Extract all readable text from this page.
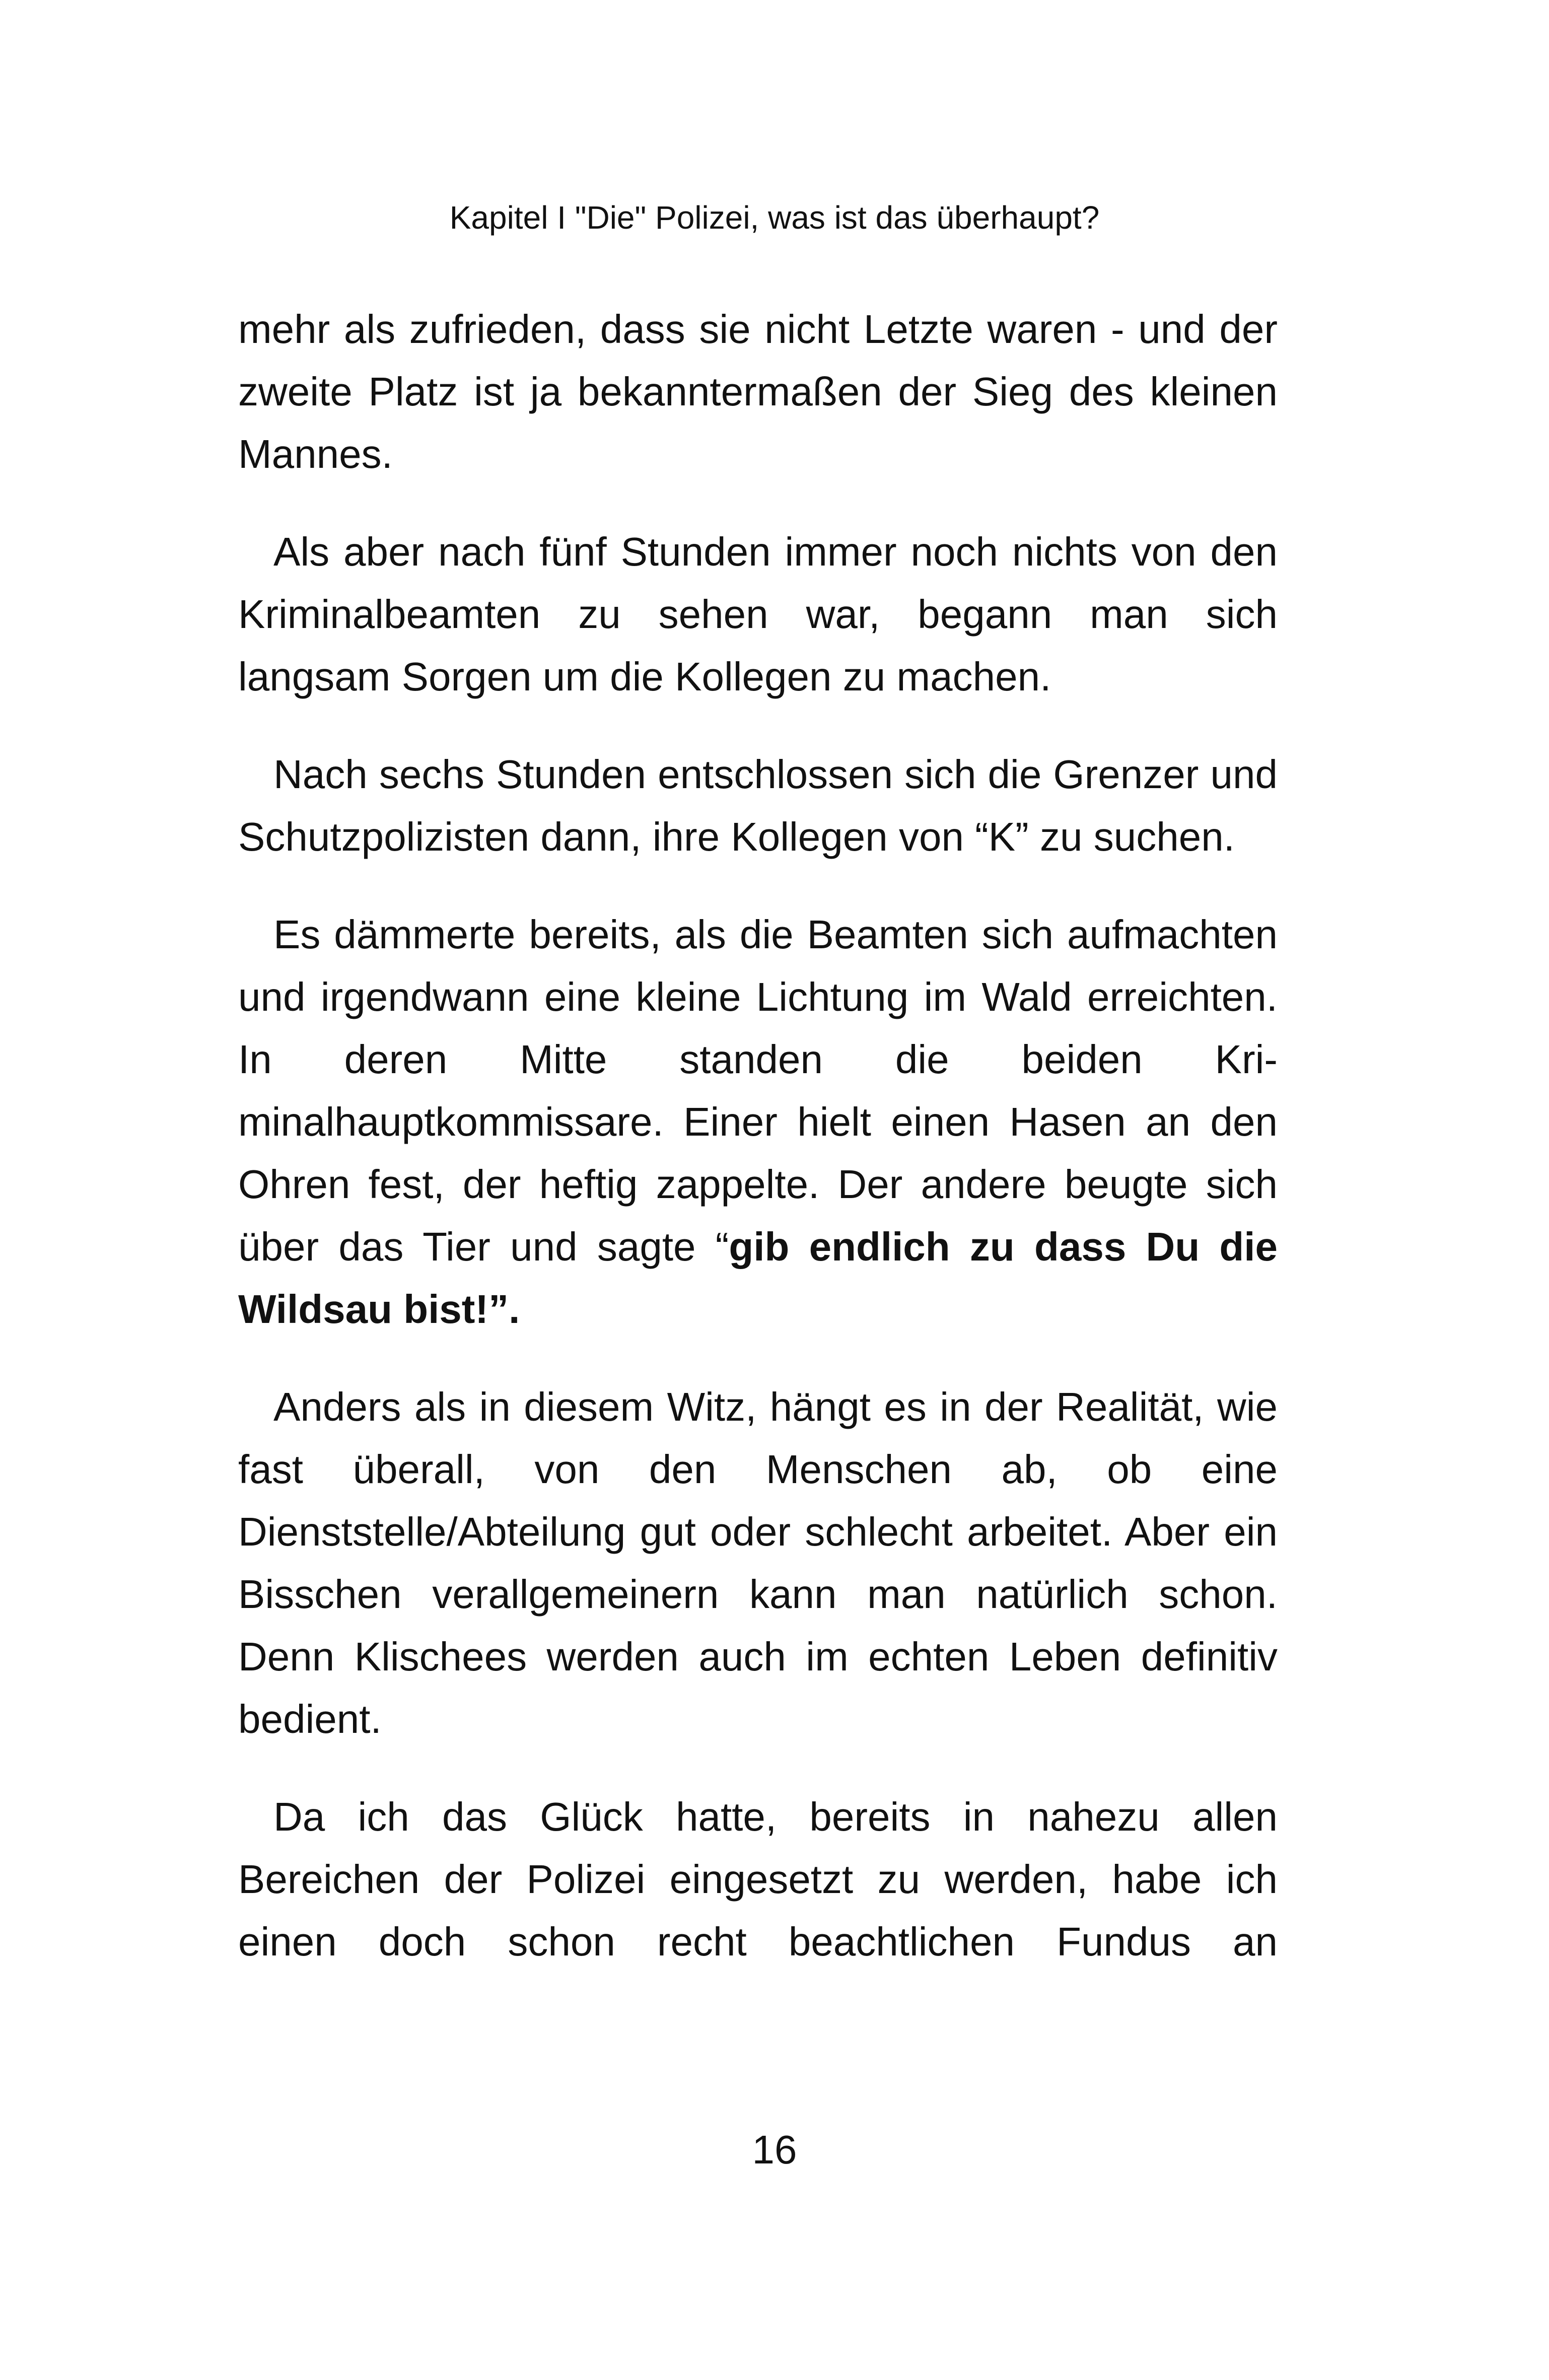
Kapitel I "Die" Polizei, was ist das überhaupt?

mehr als zufrieden, dass sie nicht Letzte waren - und der zweite Platz ist ja bekanntermaßen der Sieg des kleinen Mannes.

Als aber nach fünf Stunden immer noch nichts von den Kriminalbeamten zu sehen war, begann man sich langsam Sorgen um die Kollegen zu machen.

Nach sechs Stunden entschlossen sich die Grenzer und Schutzpolizisten dann, ihre Kollegen von “K” zu suchen.

Es dämmerte bereits, als die Beamten sich aufmachten und irgendwann eine kleine Lichtung im Wald erreichten. In deren Mitte standen die beiden Kri-minalhauptkommissare. Einer hielt einen Hasen an den Ohren fest, der heftig zappelte. Der andere beugte sich über das Tier und sagte “gib endlich zu dass Du die Wildsau bist!”.

Anders als in diesem Witz, hängt es in der Realität, wie fast überall, von den Menschen ab, ob eine Dienststelle/Abteilung gut oder schlecht arbeitet. Aber ein Bisschen verallgemeinern kann man natürlich schon. Denn Klischees werden auch im echten Leben definitiv bedient.

Da ich das Glück hatte, bereits in nahezu allen Bereichen der Polizei eingesetzt zu werden, habe ich einen doch schon recht beachtlichen Fundus an

16
